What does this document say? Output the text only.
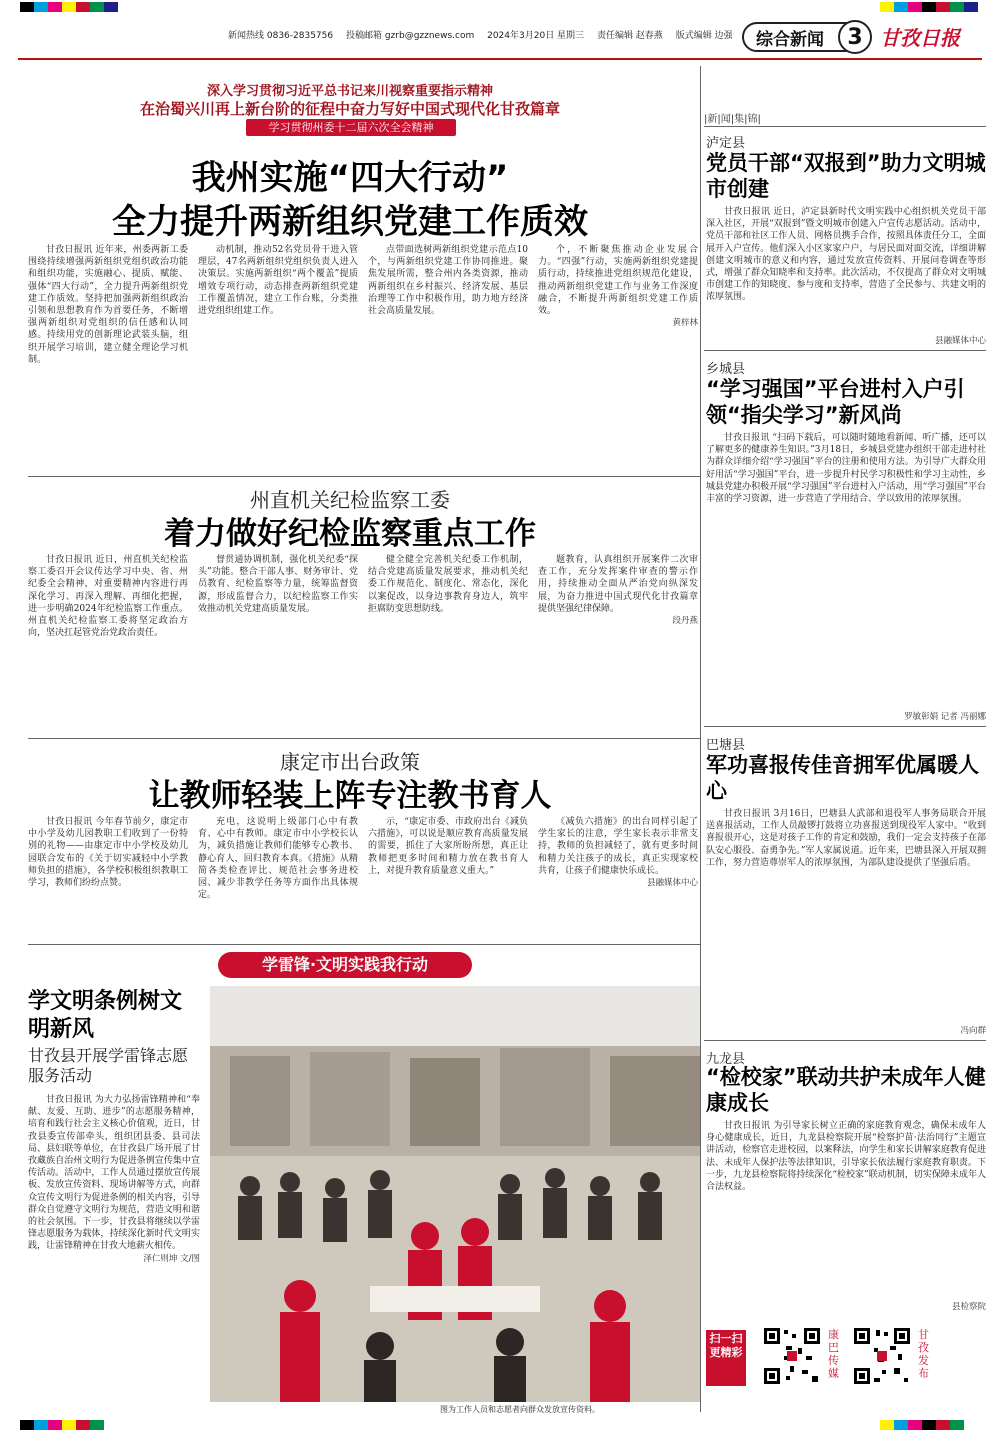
新闻热线 0836-2835756 投稿邮箱 gzrb@gzznews.com 2024年3月20日 星期三 责任编辑 赵春燕 版式编辑 边强	综合新闻	3 甘孜日报
深入学习贯彻习近平总书记来川视察重要指示精神
在治蜀兴川再上新台阶的征程中奋力写好中国式现代化甘孜篇章
学习贯彻州委十二届六次全会精神
我州实施“四大行动”
全力提升两新组织党建工作质效

甘孜日报讯 近年来，州委两新工委围绕持续增强两新组织党组织政治功能和组织功能，实施融心、提质、赋能、强体“四大行动”，全力提升两新组织党建工作质效。坚持把加强两新组织政治引领和思想教育作为首要任务，不断增强两新组织对党组织的信任感和认同感。持续用党的创新理论武装头脑，组织开展学习培训，建立健全理论学习机制。

动机制，推动52名党员骨干进入管理层，47名两新组织党组织负责人进入决策层。实施两新组织“两个覆盖”提质增效专项行动，动态排查两新组织党建工作覆盖情况，建立工作台账，分类推进党组织组建工作。

点带面选树两新组织党建示范点10个，与两新组织党建工作协同推进。聚焦发展所需，整合州内各类资源，推动两新组织在乡村振兴、经济发展、基层治理等工作中积极作用，助力地方经济社会高质量发展。

个，不断聚焦推动企业发展合力。“四强”行动，实施两新组织党建提质行动，持续推进党组织规范化建设，推动两新组织党建工作与业务工作深度融合，不断提升两新组织党建工作质效。

黄梓林
州直机关纪检监察工委
着力做好纪检监察重点工作

甘孜日报讯 近日，州直机关纪检监察工委召开会议传达学习中央、省、州纪委全会精神，对重要精神内容进行再深化学习、再深入理解、再细化把握，进一步明确2024年纪检监察工作重点。州直机关纪检监察工委将坚定政治方向，坚决扛起管党治党政治责任。

督贯通协调机制，强化机关纪委“探头”功能。整合干部人事、财务审计、党员教育、纪检监察等力量，统筹监督资源，形成监督合力，以纪检监察工作实效推动机关党建高质量发展。

健全健全完善机关纪委工作机制，结合党建高质量发展要求，推动机关纪委工作规范化、制度化、常态化，深化以案促改，以身边事教育身边人，筑牢拒腐防变思想防线。

题教育，认真组织开展案件二次审查工作，充分发挥案件审查的警示作用，持续推动全面从严治党向纵深发展，为奋力推进中国式现代化甘孜篇章提供坚强纪律保障。

段丹燕
康定市出台政策
让教师轻装上阵专注教书育人

甘孜日报讯 今年春节前夕，康定市中小学及幼儿园教职工们收到了一份特别的礼物——由康定市中小学校及幼儿园联合发布的《关于切实减轻中小学教师负担的措施》，各学校积极组织教职工学习，教师们纷纷点赞。

充电，这说明上级部门心中有教育、心中有教师。康定市中小学校长认为，减负措施让教师们能够专心教书、静心育人，回归教育本真。《措施》从精简各类检查评比、规范社会事务进校园、减少非教学任务等方面作出具体规定。

示，“康定市委、市政府出台《减负六措施》，可以说是顺应教育高质量发展的需要，抓住了大家所盼所想，真正让教师把更多时间和精力放在教书育人上，对提升教育质量意义重大。”

《减负六措施》的出台同样引起了学生家长的注意，学生家长表示非常支持，教师的负担减轻了，就有更多时间和精力关注孩子的成长，真正实现家校共育，让孩子们健康快乐成长。

县融媒体中心
学雷锋·文明实践我行动
学文明条例树文明新风
甘孜县开展学雷锋志愿服务活动

甘孜日报讯 为大力弘扬雷锋精神和“奉献、友爱、互助、进步”的志愿服务精神，培育和践行社会主义核心价值观，近日，甘孜县委宣传部牵头，组织团县委、县司法局、县妇联等单位，在甘孜县广场开展了甘孜藏族自治州文明行为促进条例宣传集中宣传活动。活动中，工作人员通过摆放宣传展板、发放宣传资料、现场讲解等方式，向群众宣传文明行为促进条例的相关内容，引导群众自觉遵守文明行为规范，营造文明和谐的社会氛围。下一步，甘孜县将继续以学雷锋志愿服务为载体，持续深化新时代文明实践，让雷锋精神在甘孜大地薪火相传。

泽仁则坤 文/图
图为工作人员和志愿者向群众发放宣传资料。
|新|闻|集|锦|
泸定县
党员干部“双报到”助力文明城市创建

甘孜日报讯 近日，泸定县新时代文明实践中心组织机关党员干部深入社区，开展“双报到”暨文明城市创建入户宣传志愿活动。活动中，党员干部和社区工作人员、网格员携手合作，按照具体责任分工，全面展开入户宣传。他们深入小区家家户户，与居民面对面交流，详细讲解创建文明城市的意义和内容，通过发放宣传资料、开展问卷调查等形式，增强了群众知晓率和支持率。此次活动，不仅提高了群众对文明城市创建工作的知晓度、参与度和支持率，营造了全民参与、共建文明的浓厚氛围。

县融媒体中心
乡城县
“学习强国”平台进村入户引领“指尖学习”新风尚

甘孜日报讯 “扫码下载后，可以随时随地看新闻、听广播，还可以了解更多的健康养生知识。”3月18日，乡城县党建办组织干部走进村社为群众详细介绍“学习强国”平台的注册和使用方法。为引导广大群众用好用活“学习强国”平台，进一步提升村民学习积极性和学习主动性，乡城县党建办积极开展“学习强国”平台进村入户活动，用“学习强国”平台丰富的学习资源，进一步营造了学用结合、学以致用的浓厚氛围。

罗敏彰娟 记者 冯丽娜
巴塘县
军功喜报传佳音拥军优属暖人心

甘孜日报讯 3月16日，巴塘县人武部和退役军人事务局联合开展送喜报活动，工作人员敲锣打鼓将立功喜报送到现役军人家中。“收到喜报很开心，这是对孩子工作的肯定和鼓励，我们一定会支持孩子在部队安心服役、奋勇争先。”军人家属说道。近年来，巴塘县深入开展双拥工作，努力营造尊崇军人的浓厚氛围，为部队建设提供了坚强后盾。

冯向群
九龙县
“检校家”联动共护未成年人健康成长

甘孜日报讯 为引导家长树立正确的家庭教育观念，确保未成年人身心健康成长，近日，九龙县检察院开展“检察护苗·法治同行”主题宣讲活动，检察官走进校园，以案释法，向学生和家长讲解家庭教育促进法、未成年人保护法等法律知识，引导家长依法履行家庭教育职责。下一步，九龙县检察院将持续深化“检校家”联动机制，切实保障未成年人合法权益。

县检察院
扫一扫更精彩
康巴传媒
甘孜发布
